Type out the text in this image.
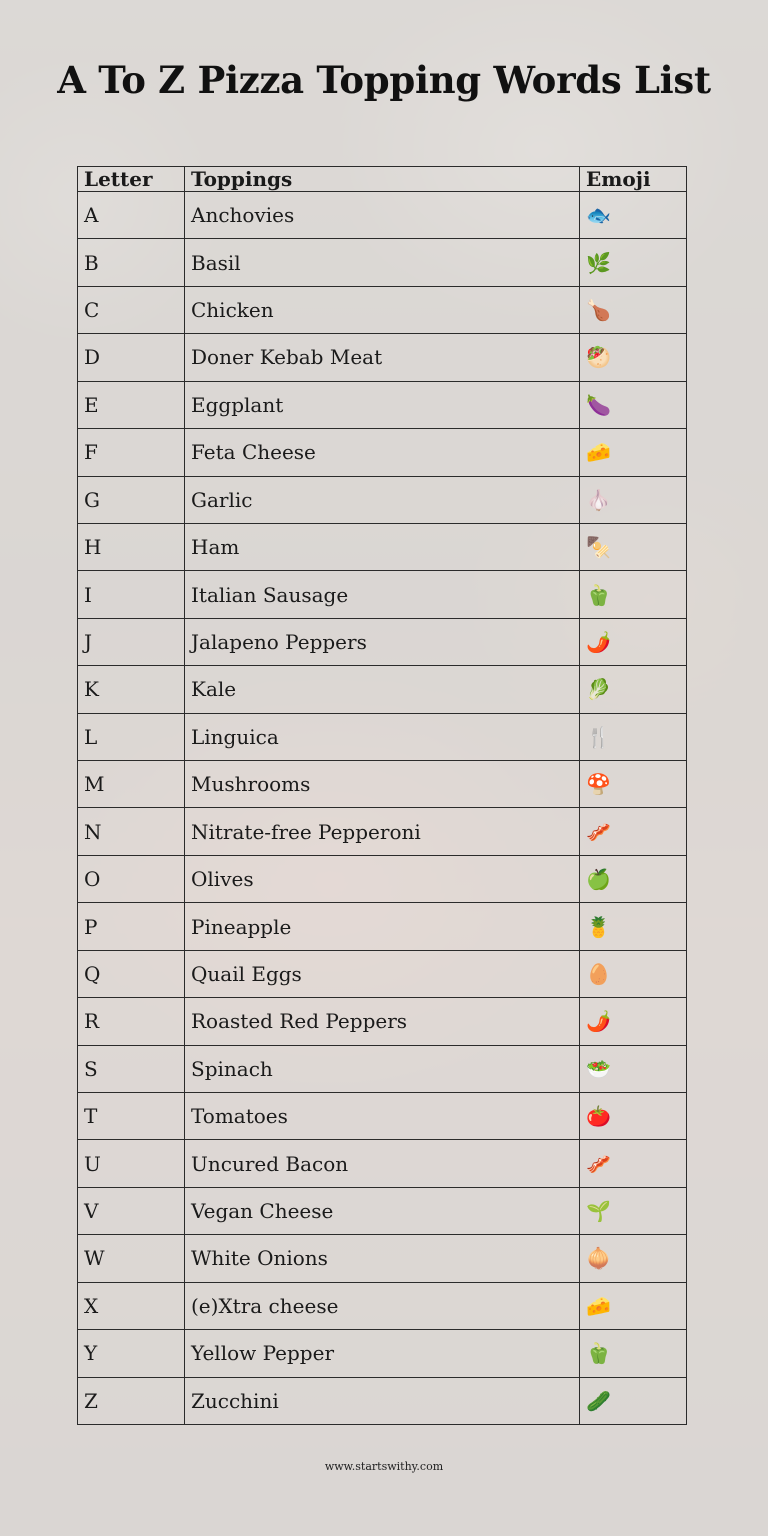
A To Z Pizza Topping Words List
Letter	Toppings	Emoji
A	Anchovies	🐟
B	Basil	🌿
C	Chicken	🍗
D	Doner Kebab Meat	🥙
E	Eggplant	🍆
F	Feta Cheese	🧀
G	Garlic	🧄
H	Ham	🍢
I	Italian Sausage	🫑
J	Jalapeno Peppers	🌶️
K	Kale	🥬
L	Linguica	🍴
M	Mushrooms	🍄
N	Nitrate-free Pepperoni	🥓
O	Olives	🍏
P	Pineapple	🍍
Q	Quail Eggs	🥚
R	Roasted Red Peppers	🌶️
S	Spinach	🥗
T	Tomatoes	🍅
U	Uncured Bacon	🥓
V	Vegan Cheese	🌱
W	White Onions	🧅
X	(e)Xtra cheese	🧀
Y	Yellow Pepper	🫑
Z	Zucchini	🥒
www.startswithy.com
